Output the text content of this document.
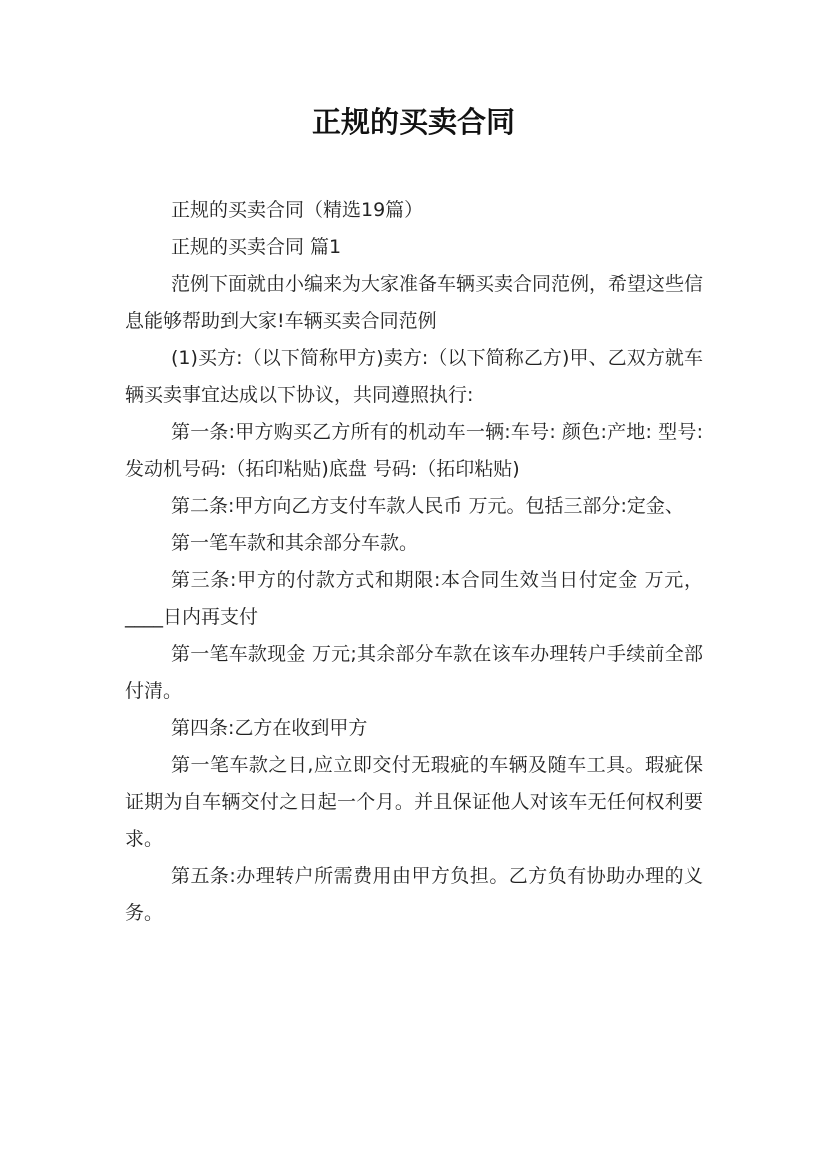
正规的买卖合同

正规的买卖合同（精选19篇）

正规的买卖合同 篇1

范例下面就由小编来为大家准备车辆买卖合同范例，希望这些信息能够帮助到大家!车辆买卖合同范例

(1)买方:（以下简称甲方)卖方:（以下简称乙方)甲、乙双方就车辆买卖事宜达成以下协议，共同遵照执行:

第一条:甲方购买乙方所有的机动车一辆:车号: 颜色:产地: 型号:发动机号码:（拓印粘贴)底盘 号码:（拓印粘贴)

第二条:甲方向乙方支付车款人民币 万元。包括三部分:定金、

第一笔车款和其余部分车款。

第三条:甲方的付款方式和期限:本合同生效当日付定金 万元，____日内再支付

第一笔车款现金 万元;其余部分车款在该车办理转户手续前全部付清。

第四条:乙方在收到甲方

第一笔车款之日,应立即交付无瑕疵的车辆及随车工具。瑕疵保证期为自车辆交付之日起一个月。并且保证他人对该车无任何权利要求。

第五条:办理转户所需费用由甲方负担。乙方负有协助办理的义务。
